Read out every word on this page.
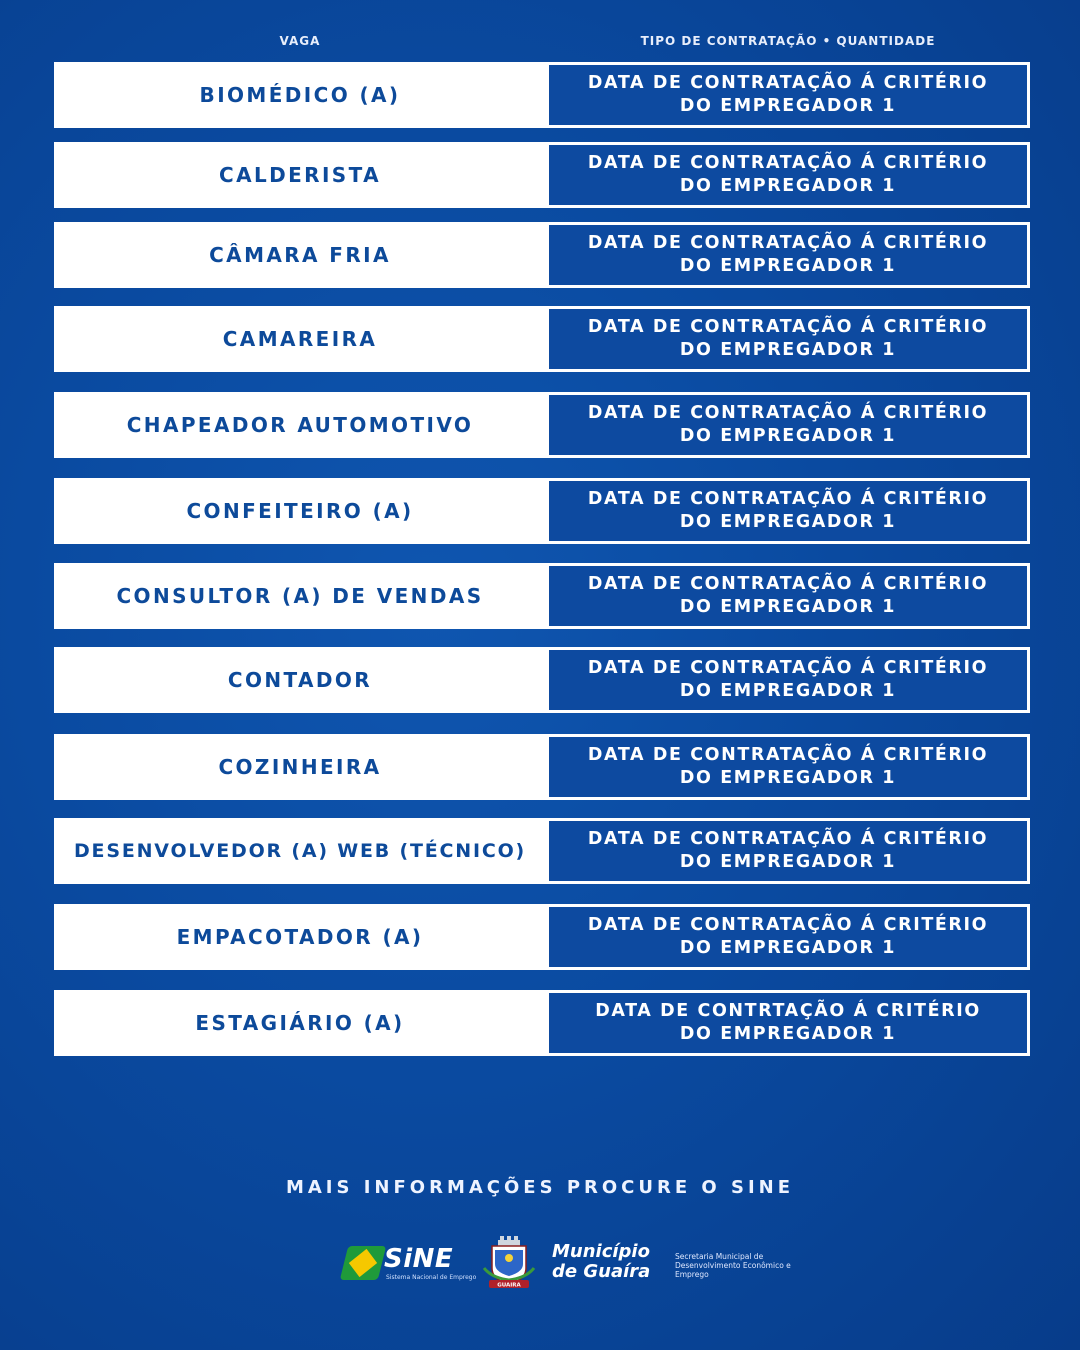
VAGA	TIPO DE CONTRATAÇÃO • QUANTIDADE
BIOMÉDICO (A)	DATA DE CONTRATAÇÃO Á CRITÉRIO
DO EMPREGADOR 1
CALDERISTA	DATA DE CONTRATAÇÃO Á CRITÉRIO
DO EMPREGADOR 1
CÂMARA FRIA	DATA DE CONTRATAÇÃO Á CRITÉRIO
DO EMPREGADOR 1
CAMAREIRA	DATA DE CONTRATAÇÃO Á CRITÉRIO
DO EMPREGADOR 1
CHAPEADOR AUTOMOTIVO	DATA DE CONTRATAÇÃO Á CRITÉRIO
DO EMPREGADOR 1
CONFEITEIRO (A)	DATA DE CONTRATAÇÃO Á CRITÉRIO
DO EMPREGADOR 1
CONSULTOR (A) DE VENDAS	DATA DE CONTRATAÇÃO Á CRITÉRIO
DO EMPREGADOR 1
CONTADOR	DATA DE CONTRATAÇÃO Á CRITÉRIO
DO EMPREGADOR 1
COZINHEIRA	DATA DE CONTRATAÇÃO Á CRITÉRIO
DO EMPREGADOR 1
DESENVOLVEDOR (A) WEB (TÉCNICO)
DATA DE CONTRATAÇÃO Á CRITÉRIO
DO EMPREGADOR 1
EMPACOTADOR (A)	DATA DE CONTRATAÇÃO Á CRITÉRIO
DO EMPREGADOR 1
ESTAGIÁRIO (A)	DATA DE CONTRTAÇÃO Á CRITÉRIO
DO EMPREGADOR 1
MAIS INFORMAÇÕES PROCURE O SINE
SiNE
Sistema Nacional de Emprego
GUAIRA
Município
de Guaíra
Secretaria Municipal de Desenvolvimento Econômico e Emprego
